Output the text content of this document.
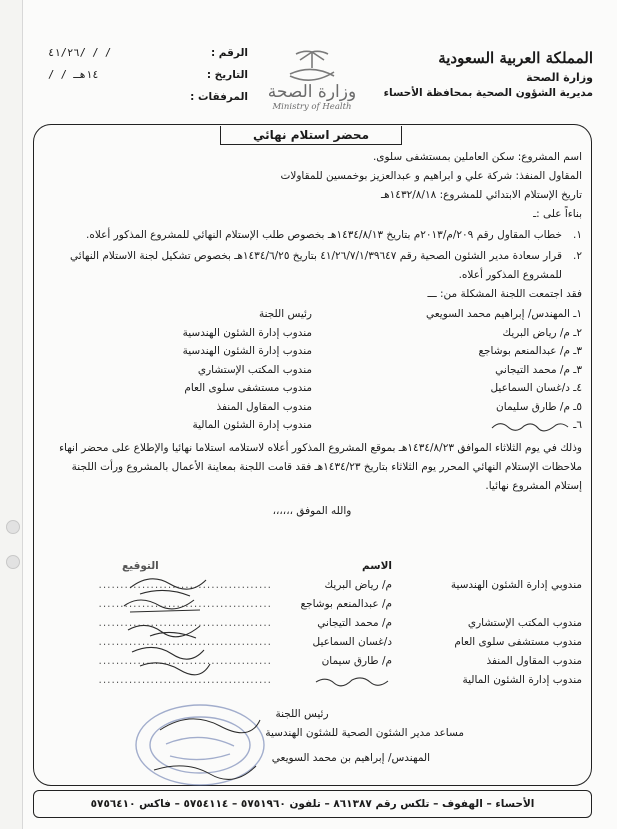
المملكة العربية السعودية
وزارة الصحة
مديرية الشؤون الصحية بمحافظة الأحساء
وزارة الصحة
Ministry of Health
الرقم :
٤١/٢٦/ / /
التاريخ :
/ / ١٤هـ
المرفقات :
محضر استلام نهائي
اسم المشروع: سكن العاملين بمستشفى سلوى.
المقاول المنفذ: شركة علي و ابراهيم و عبدالعزيز بوخمسين للمقاولات
تاريخ الإستلام الابتدائي للمشروع: ١٤٣٢/٨/١٨هـ
بناءاً على :ـ
١.
خطاب المقاول رقم ٢٠٩/م/٢٠١٣م بتاريخ ١٤٣٤/٨/١٣هـ بخصوص طلب الإستلام النهائي للمشروع المذكور أعلاه.
٢.
قرار سعادة مدير الشئون الصحية رقم ٤١/٢٦/٧/١/٣٩٦٤٧ بتاريخ ١٤٣٤/٦/٢٥هـ بخصوص تشكيل لجنة الاستلام النهائي للمشروع المذكور أعلاه.
فقد اجتمعت اللجنة المشكلة من: ـــ
١ـ المهندس/ إبراهيم محمد السويعي
رئيس اللجنة
٢ـ م/ رياض البريك
مندوب إدارة الشئون الهندسية
٣ـ م/ عبدالمنعم بوشاجع
مندوب إدارة الشئون الهندسية
٣ـ م/ محمد التيجاني
مندوب المكتب الإستشاري
٤ـ د/غسان السماعيل
مندوب مستشفى سلوى العام
٥ـ م/ طارق سليمان
مندوب المقاول المنفذ
٦ـ
مندوب إدارة الشئون المالية
وذلك في يوم الثلاثاء الموافق ١٤٣٤/٨/٢٣هـ بموقع المشروع المذكور أعلاه لاستلامه استلاما نهائيا والإطلاع على محضر انهاء ملاحظات الإستلام النهائي المحرر يوم الثلاثاء بتاريخ ١٤٣٤/٢٣هـ فقد قامت اللجنة بمعاينة الأعمال بالمشروع ورأت اللجنة إستلام المشروع نهائيا.
والله الموفق ،،،،،،
الاسم
التوقيع
مندوبي إدارة الشئون الهندسية
م/ رياض البريك
........................................
م/ عبدالمنعم بوشاجع
........................................
مندوب المكتب الإستشاري
م/ محمد التيجاني
........................................
مندوب مستشفى سلوى العام
د/غسان السماعيل
........................................
مندوب المقاول المنفذ
م/ طارق سيمان
........................................
مندوب إدارة الشئون المالية
........................................
رئيس اللجنة
مساعد مدير الشئون الصحية للشئون الهندسية
المهندس/ إبراهيم بن محمد السويعي
الأحساء – الهفوف – تلكس رقم ٨٦١٣٨٧ – تلفون ٥٧٥١٩٦٠ – ٥٧٥٤١١٤ – فاكس ٥٧٥٦٤١٠
